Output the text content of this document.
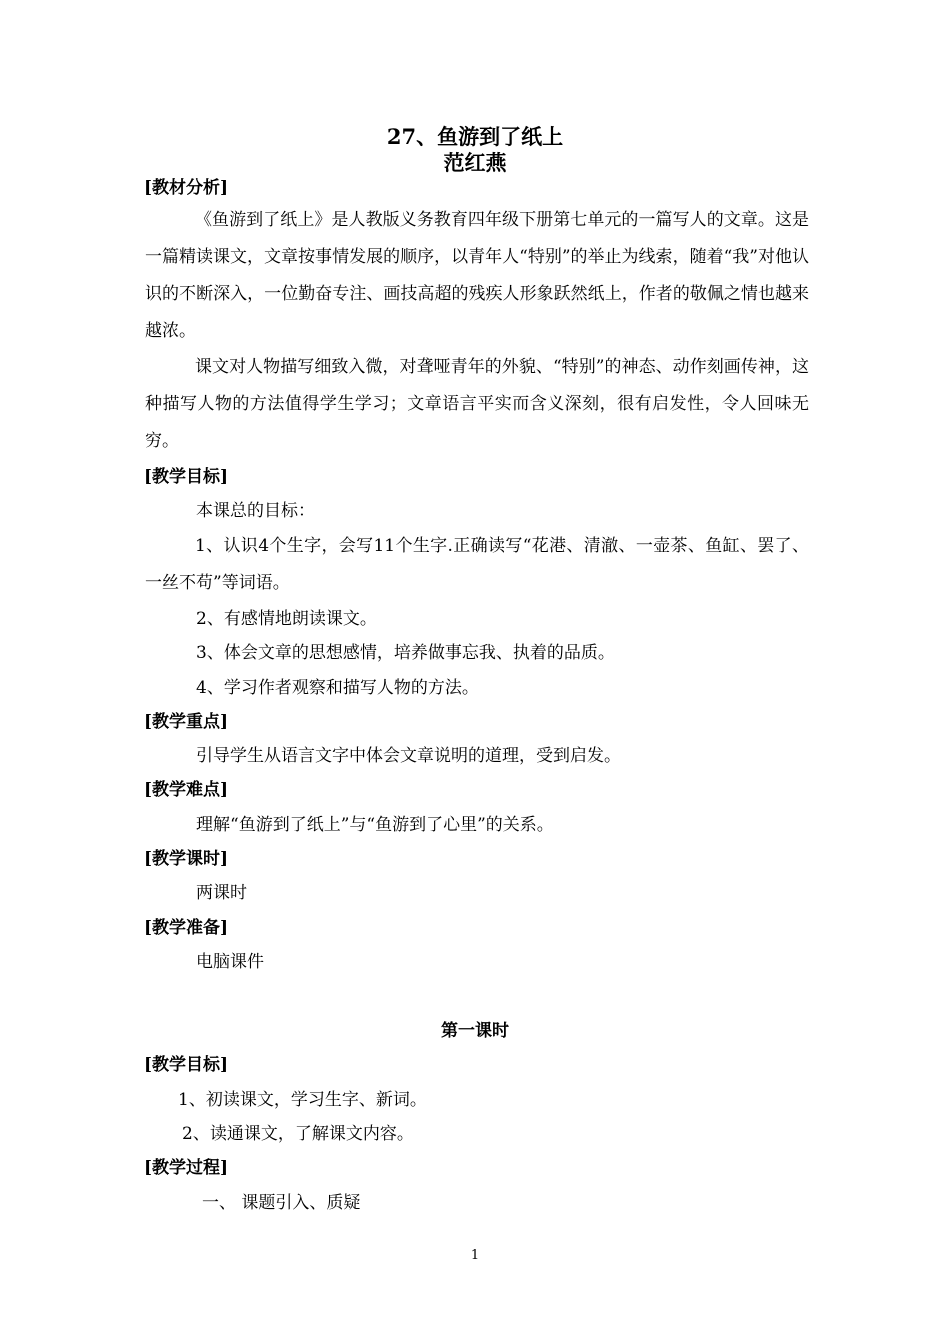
27、鱼游到了纸上
范红燕
[教材分析]

《鱼游到了纸上》是人教版义务教育四年级下册第七单元的一篇写人的文章。这是一篇精读课文，文章按事情发展的顺序，以青年人“特别”的举止为线索，随着“我”对他认识的不断深入，一位勤奋专注、画技高超的残疾人形象跃然纸上，作者的敬佩之情也越来越浓。

课文对人物描写细致入微，对聋哑青年的外貌、“特别”的神态、动作刻画传神，这种描写人物的方法值得学生学习；文章语言平实而含义深刻，很有启发性，令人回味无穷。

[教学目标]
本课总的目标：

1、认识4个生字，会写11个生字.正确读写“花港、清澈、一壶茶、鱼缸、罢了、一丝不苟”等词语。

2、有感情地朗读课文。
3、体会文章的思想感情，培养做事忘我、执着的品质。
4、学习作者观察和描写人物的方法。
[教学重点]
引导学生从语言文字中体会文章说明的道理，受到启发。
[教学难点]
理解“鱼游到了纸上”与“鱼游到了心里”的关系。
[教学课时]
两课时
[教学准备]
电脑课件
第一课时
[教学目标]
1、初读课文，学习生字、新词。
2、读通课文，了解课文内容。
[教学过程]
一、 课题引入、质疑
1
